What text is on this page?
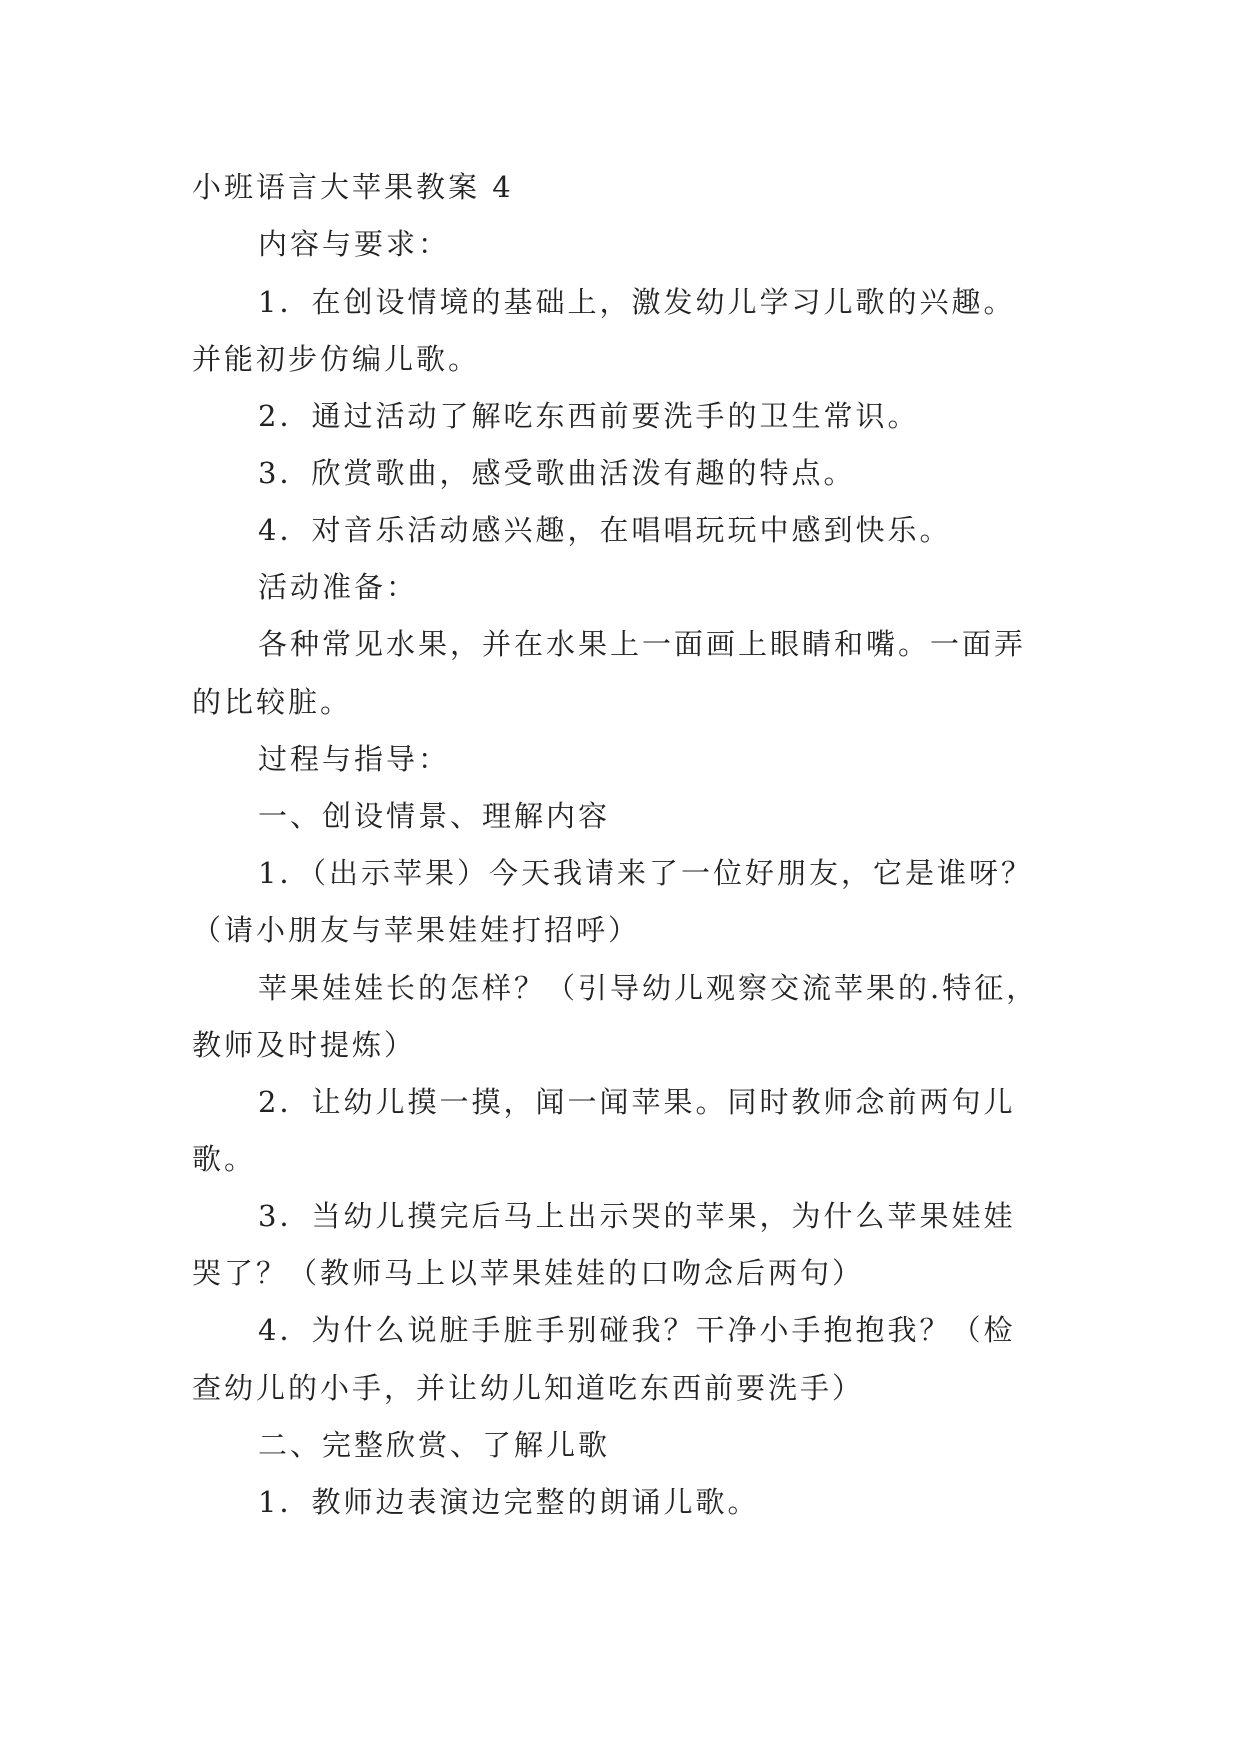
小班语言大苹果教案 4

内容与要求：

1．在创设情境的基础上，激发幼儿学习儿歌的兴趣。

并能初步仿编儿歌。

2．通过活动了解吃东西前要洗手的卫生常识。

3．欣赏歌曲，感受歌曲活泼有趣的特点。

4．对音乐活动感兴趣，在唱唱玩玩中感到快乐。

活动准备：

各种常见水果，并在水果上一面画上眼睛和嘴。一面弄

的比较脏。

过程与指导：

一、创设情景、理解内容

1．（出示苹果）今天我请来了一位好朋友，它是谁呀？

（请小朋友与苹果娃娃打招呼）

苹果娃娃长的怎样？（引导幼儿观察交流苹果的.特征，

教师及时提炼）

2．让幼儿摸一摸，闻一闻苹果。同时教师念前两句儿

歌。

3．当幼儿摸完后马上出示哭的苹果，为什么苹果娃娃

哭了？（教师马上以苹果娃娃的口吻念后两句）

4．为什么说脏手脏手别碰我？干净小手抱抱我？（检

查幼儿的小手，并让幼儿知道吃东西前要洗手）

二、完整欣赏、了解儿歌

1．教师边表演边完整的朗诵儿歌。
